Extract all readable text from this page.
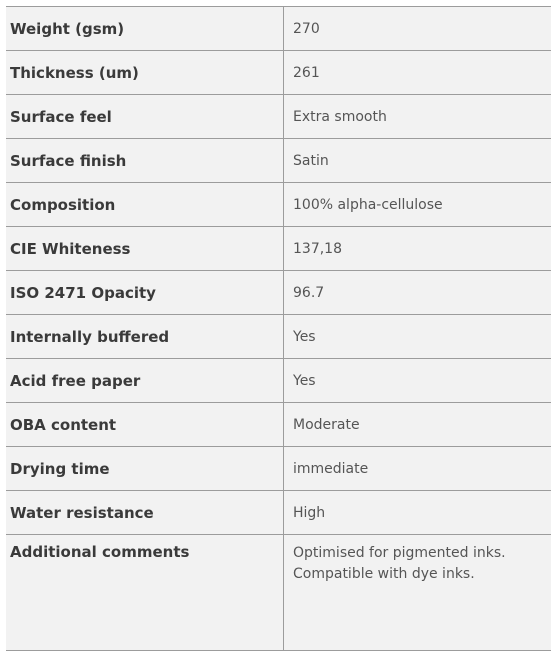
Weight (gsm)	270
Thickness (um)	261
Surface feel	Extra smooth
Surface finish	Satin
Composition	100% alpha-cellulose
CIE Whiteness	137,18
ISO 2471 Opacity	96.7
Internally buffered	Yes
Acid free paper	Yes
OBA content	Moderate
Drying time	immediate
Water resistance	High
Additional comments	Optimised for pigmented inks.
Compatible with dye inks.
